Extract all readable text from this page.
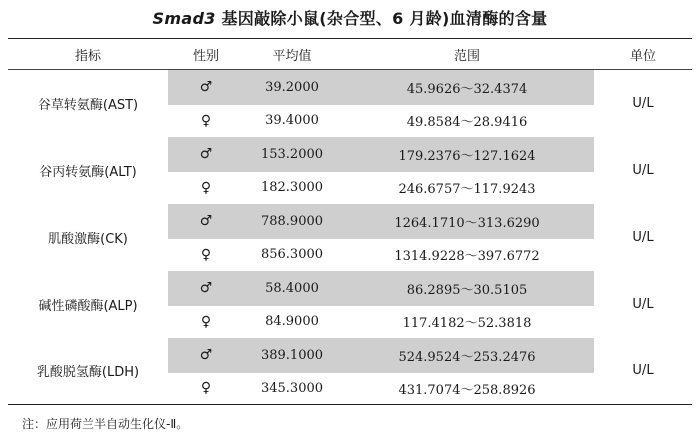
Smad3 基因敲除小鼠(杂合型、6 月龄)血清酶的含量
指标	性别	平均值	范围	单位
谷草转氨酶(AST)	♂	39.2000	45.9626～32.4374	U/L
	♀	39.4000	49.8584～28.9416	
谷丙转氨酶(ALT)	♂	153.2000	179.2376～127.1624	U/L
	♀	182.3000	246.6757～117.9243	
肌酸激酶(CK)	♂	788.9000	1264.1710～313.6290	U/L
	♀	856.3000	1314.9228～397.6772	
碱性磷酸酶(ALP)	♂	58.4000	86.2895～30.5105	U/L
	♀	84.9000	117.4182～52.3818	
乳酸脱氢酶(LDH)	♂	389.1000	524.9524～253.2476	U/L
	♀	345.3000	431.7074～258.8926	
注：应用荷兰半自动生化仪-Ⅱ。
